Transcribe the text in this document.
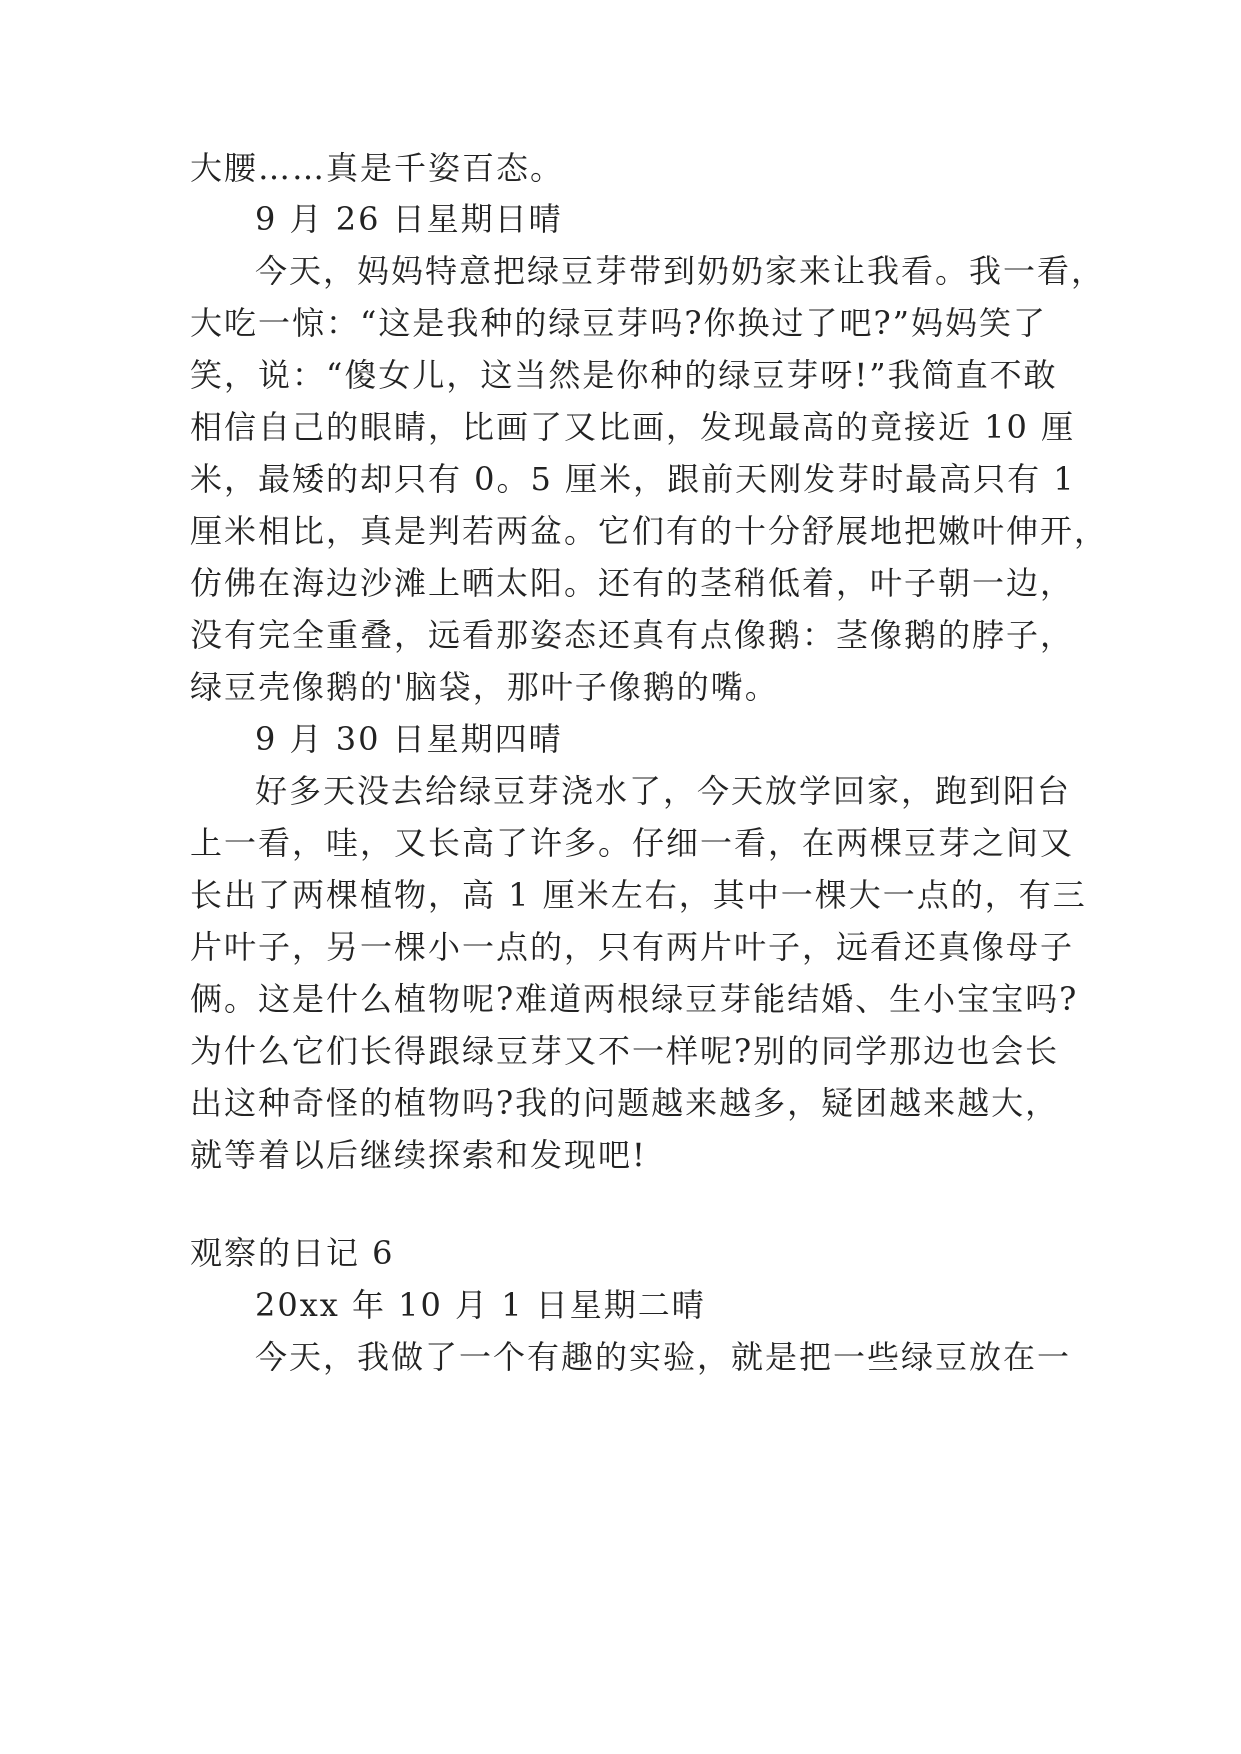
大腰……真是千姿百态。
9 月 26 日星期日晴
今天，妈妈特意把绿豆芽带到奶奶家来让我看。我一看，
大吃一惊：“这是我种的绿豆芽吗?你换过了吧?”妈妈笑了
笑，说：“傻女儿，这当然是你种的绿豆芽呀!”我简直不敢
相信自己的眼睛，比画了又比画，发现最高的竟接近 10 厘
米，最矮的却只有 0。5 厘米，跟前天刚发芽时最高只有 1
厘米相比，真是判若两盆。它们有的十分舒展地把嫩叶伸开，
仿佛在海边沙滩上晒太阳。还有的茎稍低着，叶子朝一边，
没有完全重叠，远看那姿态还真有点像鹅：茎像鹅的脖子，
绿豆壳像鹅的'脑袋，那叶子像鹅的嘴。
9 月 30 日星期四晴
好多天没去给绿豆芽浇水了，今天放学回家，跑到阳台
上一看，哇，又长高了许多。仔细一看，在两棵豆芽之间又
长出了两棵植物，高 1 厘米左右，其中一棵大一点的，有三
片叶子，另一棵小一点的，只有两片叶子，远看还真像母子
俩。这是什么植物呢?难道两根绿豆芽能结婚、生小宝宝吗?
为什么它们长得跟绿豆芽又不一样呢?别的同学那边也会长
出这种奇怪的植物吗?我的问题越来越多，疑团越来越大，
就等着以后继续探索和发现吧!
观察的日记 6
20xx 年 10 月 1 日星期二晴
今天，我做了一个有趣的实验，就是把一些绿豆放在一
